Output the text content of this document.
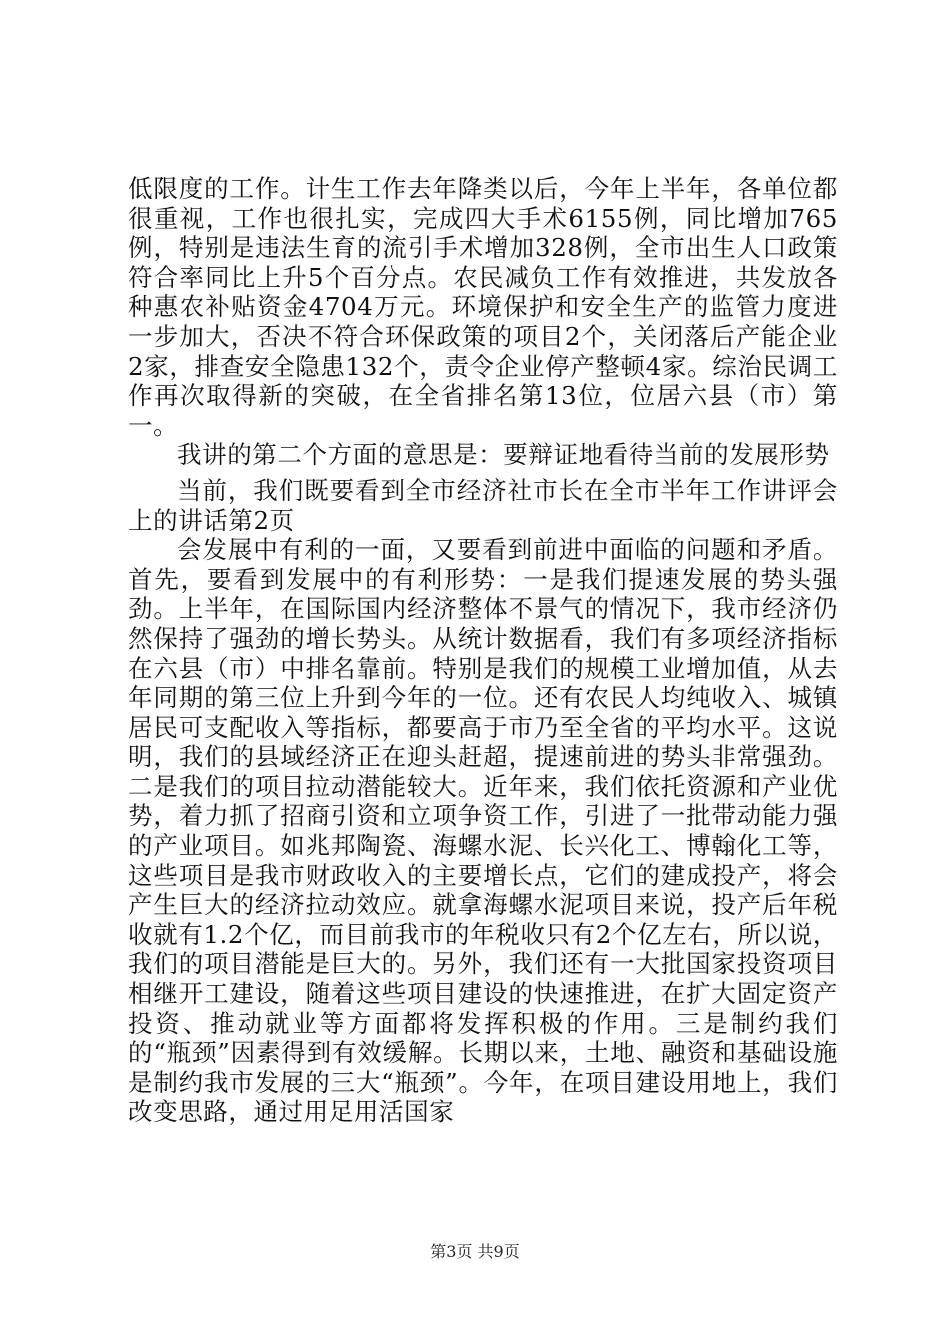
低限度的工作。计生工作去年降类以后，今年上半年，各单位都很重视，工作也很扎实，完成四大手术6155例，同比增加765例，特别是违法生育的流引手术增加328例，全市出生人口政策符合率同比上升5个百分点。农民减负工作有效推进，共发放各种惠农补贴资金4704万元。环境保护和安全生产的监管力度进一步加大，否决不符合环保政策的项目2个，关闭落后产能企业2家，排查安全隐患132个，责令企业停产整顿4家。综治民调工作再次取得新的突破，在全省排名第13位，位居六县（市）第一。

我讲的第二个方面的意思是：要辩证地看待当前的发展形势

当前，我们既要看到全市经济社市长在全市半年工作讲评会上的讲话第2页

会发展中有利的一面，又要看到前进中面临的问题和矛盾。首先，要看到发展中的有利形势：一是我们提速发展的势头强劲。上半年，在国际国内经济整体不景气的情况下，我市经济仍然保持了强劲的增长势头。从统计数据看，我们有多项经济指标在六县（市）中排名靠前。特别是我们的规模工业增加值，从去年同期的第三位上升到今年的一位。还有农民人均纯收入、城镇居民可支配收入等指标，都要高于市乃至全省的平均水平。这说明，我们的县域经济正在迎头赶超，提速前进的势头非常强劲。二是我们的项目拉动潜能较大。近年来，我们依托资源和产业优势，着力抓了招商引资和立项争资工作，引进了一批带动能力强的产业项目。如兆邦陶瓷、海螺水泥、长兴化工、博翰化工等，这些项目是我市财政收入的主要增长点，它们的建成投产，将会产生巨大的经济拉动效应。就拿海螺水泥项目来说，投产后年税收就有1.2个亿，而目前我市的年税收只有2个亿左右，所以说，我们的项目潜能是巨大的。另外，我们还有一大批国家投资项目相继开工建设，随着这些项目建设的快速推进，在扩大固定资产投资、推动就业等方面都将发挥积极的作用。三是制约我们的“瓶颈”因素得到有效缓解。长期以来，土地、融资和基础设施是制约我市发展的三大“瓶颈”。今年，在项目建设用地上，我们改变思路，通过用足用活国家

第3页 共9页
